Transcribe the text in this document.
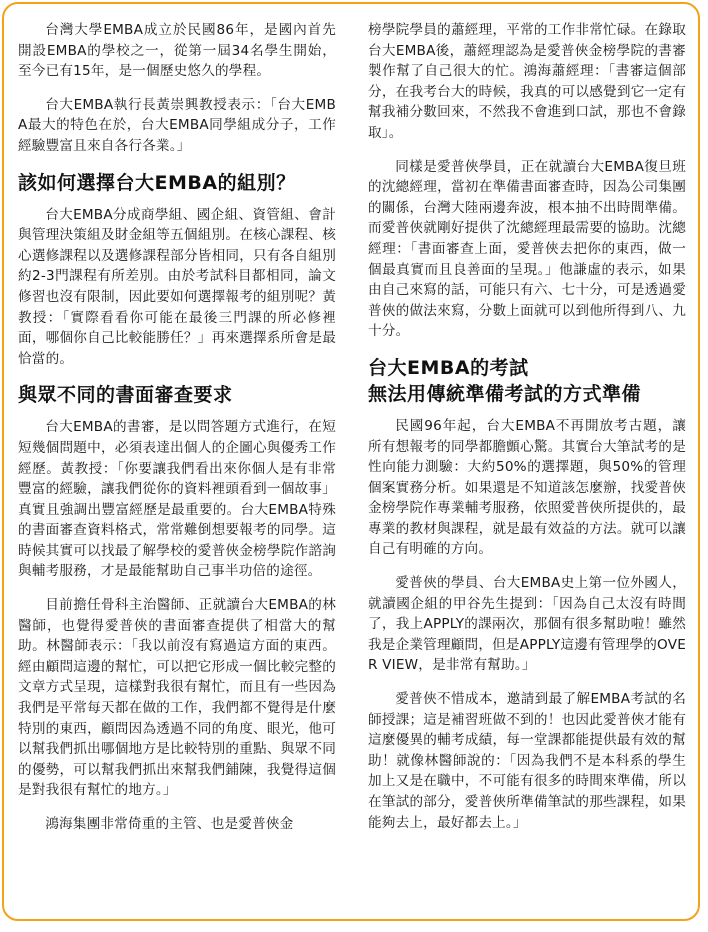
台灣大學EMBA成立於民國86年，是國內首先開設EMBA的學校之一，從第一屆34名學生開始，至今已有15年，是一個歷史悠久的學程。

台大EMBA執行長黃崇興教授表示：「台大EMBA最大的特色在於，台大EMBA同學組成分子，工作經驗豐富且來自各行各業。」

該如何選擇台大EMBA的組別？

台大EMBA分成商學組、國企組、資管組、會計與管理決策組及財金組等五個組別。在核心課程、核心選修課程以及選修課程部分皆相同，只有各自組別約2-3門課程有所差別。由於考試科目都相同，論文修習也沒有限制，因此要如何選擇報考的組別呢？黃教授：「實際看看你可能在最後三門課的所必修裡面，哪個你自己比較能勝任？」再來選擇系所會是最恰當的。

與眾不同的書面審查要求

台大EMBA的書審，是以問答題方式進行，在短短幾個問題中，必須表達出個人的企圖心與優秀工作經歷。黃教授：「你要讓我們看出來你個人是有非常豐富的經驗，讓我們從你的資料裡頭看到一個故事」真實且強調出豐富經歷是最重要的。台大EMBA特殊的書面審查資料格式，常常難倒想要報考的同學。這時候其實可以找最了解學校的愛普俠金榜學院作諮詢與輔考服務，才是最能幫助自己事半功倍的途徑。

目前擔任骨科主治醫師、正就讀台大EMBA的林醫師，也覺得愛普俠的書面審查提供了相當大的幫助。林醫師表示：「我以前沒有寫過這方面的東西。經由顧問這邊的幫忙，可以把它形成一個比較完整的文章方式呈現，這樣對我很有幫忙，而且有一些因為我們是平常每天都在做的工作，我們都不覺得是什麼特別的東西，顧問因為透過不同的角度、眼光，他可以幫我們抓出哪個地方是比較特別的重點、與眾不同的優勢，可以幫我們抓出來幫我們鋪陳，我覺得這個是對我很有幫忙的地方。」

鴻海集團非常倚重的主管、也是愛普俠金

榜學院學員的蕭經理，平常的工作非常忙碌。在錄取台大EMBA後，蕭經理認為是愛普俠金榜學院的書審製作幫了自己很大的忙。鴻海蕭經理：「書審這個部分，在我考台大的時候，我真的可以感覺到它一定有幫我補分數回來，不然我不會進到口試，那也不會錄取」。

同樣是愛普俠學員，正在就讀台大EMBA復旦班的沈總經理，當初在準備書面審查時，因為公司集團的關係，台灣大陸兩邊奔波，根本抽不出時間準備。而愛普俠就剛好提供了沈總經理最需要的協助。沈總經理：「書面審查上面，愛普俠去把你的東西，做一個最真實而且良善面的呈現。」他謙虛的表示，如果由自己來寫的話，可能只有六、七十分，可是透過愛普俠的做法來寫，分數上面就可以到他所得到八、九十分。

台大EMBA的考試
無法用傳統準備考試的方式準備

民國96年起，台大EMBA不再開放考古題，讓所有想報考的同學都膽顫心驚。其實台大筆試考的是性向能力測驗：大約50%的選擇題，與50%的管理個案實務分析。如果還是不知道該怎麼辦，找愛普俠金榜學院作專業輔考服務，依照愛普俠所提供的，最專業的教材與課程，就是最有效益的方法。就可以讓自己有明確的方向。

愛普俠的學員、台大EMBA史上第一位外國人，就讀國企組的甲谷先生提到：「因為自己太沒有時間了，我上APPLY的課兩次，那個有很多幫助啦！雖然我是企業管理顧問，但是APPLY這邊有管理學的OVER VIEW，是非常有幫助。」

愛普俠不惜成本，邀請到最了解EMBA考試的名師授課；這是補習班做不到的！也因此愛普俠才能有這麼優異的輔考成績，每一堂課都能提供最有效的幫助！就像林醫師說的：「因為我們不是本科系的學生加上又是在職中，不可能有很多的時間來準備，所以在筆試的部分，愛普俠所準備筆試的那些課程，如果能夠去上，最好都去上。」
